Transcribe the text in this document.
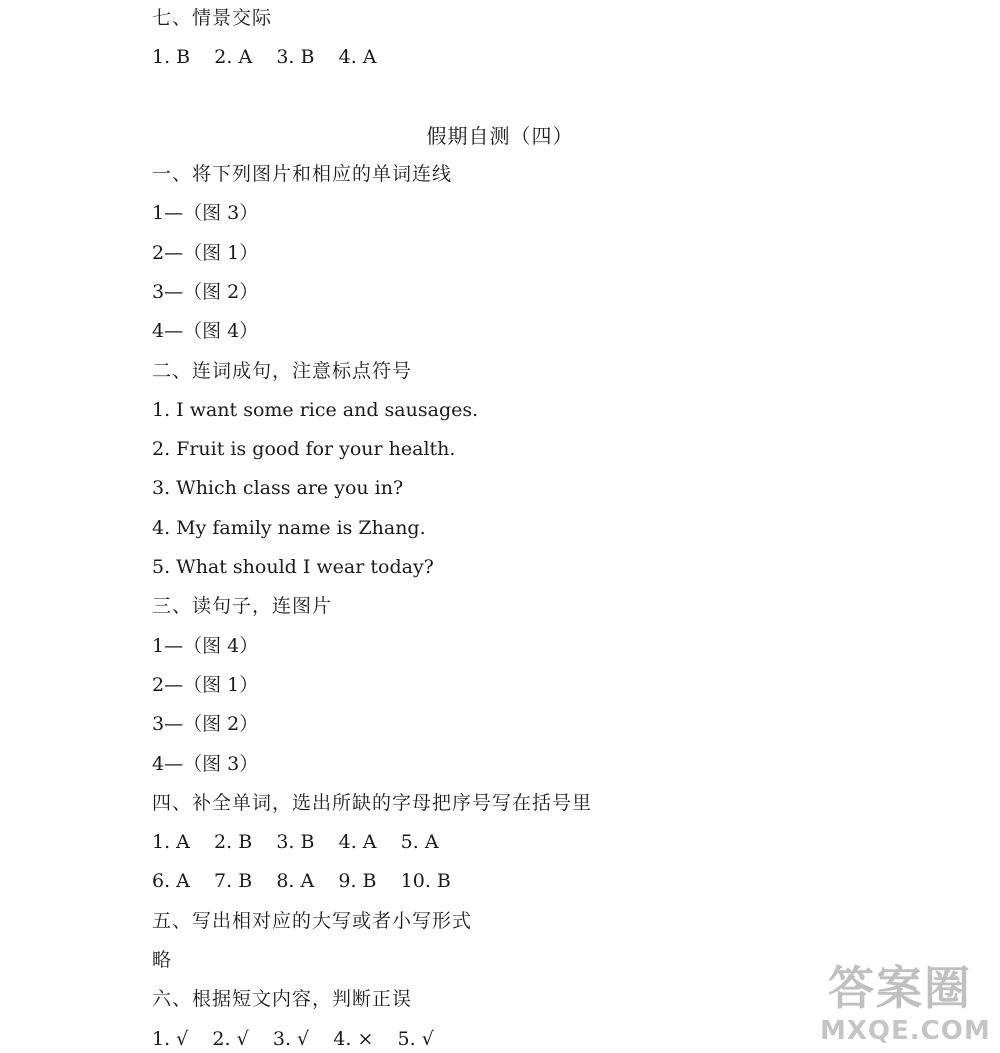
七、情景交际
1. B    2. A    3. B    4. A
假期自测（四）
一、将下列图片和相应的单词连线
1—（图 3）
2—（图 1）
3—（图 2）
4—（图 4）
二、连词成句，注意标点符号
1. I want some rice and sausages.
2. Fruit is good for your health.
3. Which class are you in?
4. My family name is Zhang.
5. What should I wear today?
三、读句子，连图片
1—（图 4）
2—（图 1）
3—（图 2）
4—（图 3）
四、补全单词，选出所缺的字母把序号写在括号里
1. A    2. B    3. B    4. A    5. A
6. A    7. B    8. A    9. B    10. B
五、写出相对应的大写或者小写形式
略
六、根据短文内容，判断正误
1. √    2. √    3. √    4. ×    5. √
答案圈
MXQE.COM
